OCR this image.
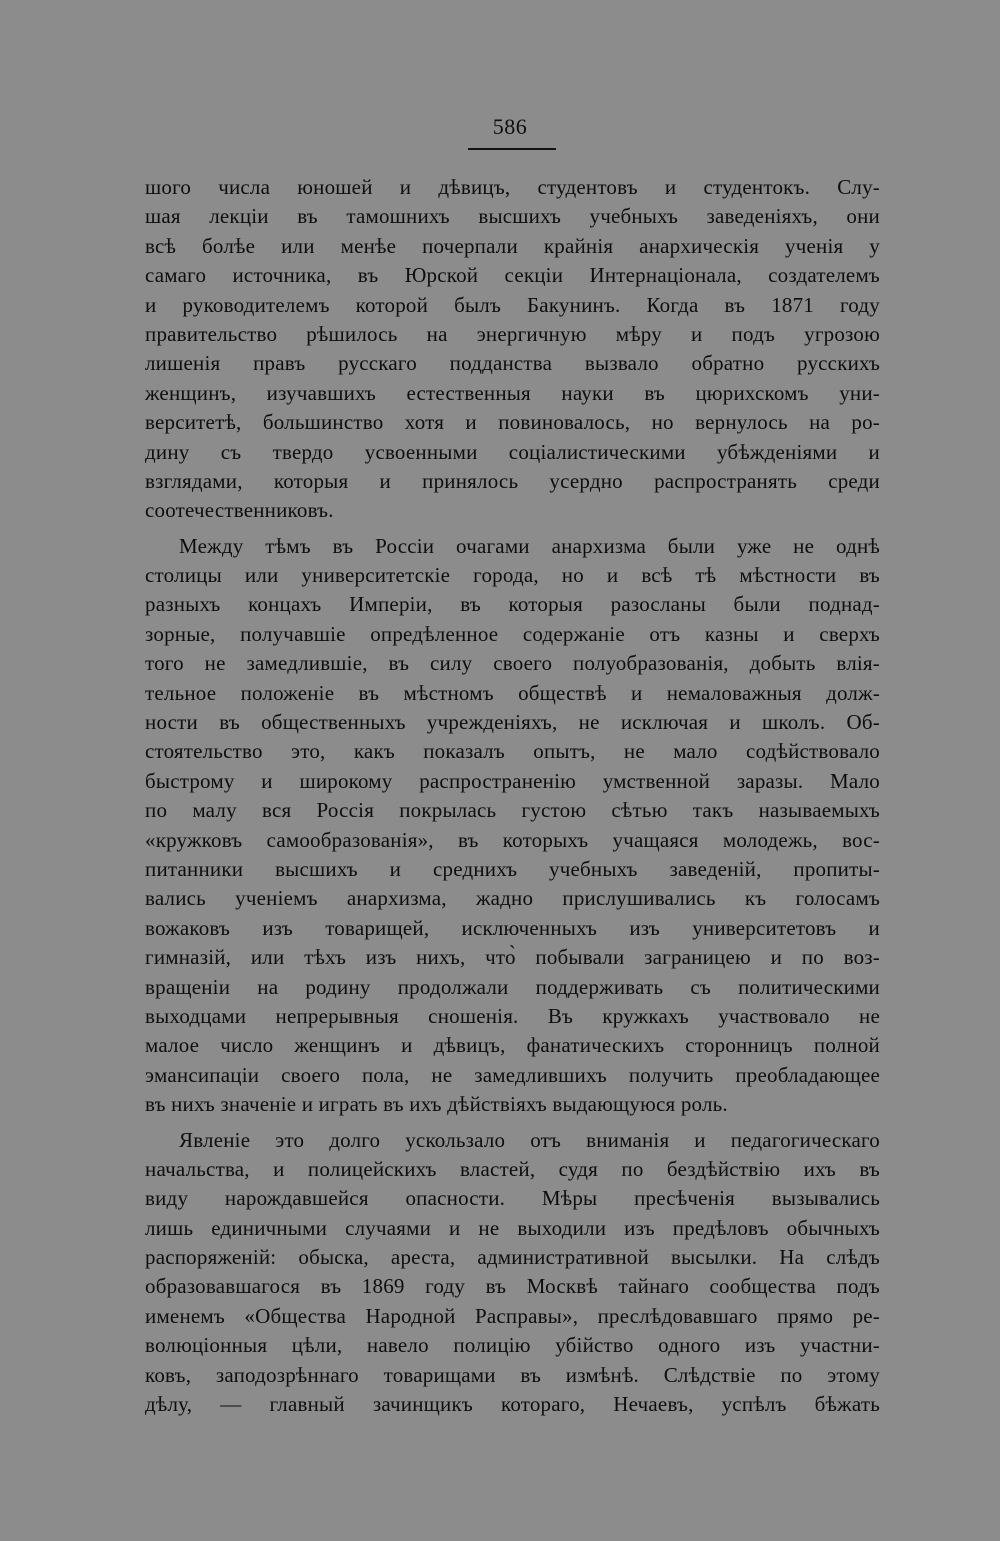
586
шого числа юношей и дѣвицъ, студентовъ и студентокъ. Слу-
шая лекціи въ тамошнихъ высшихъ учебныхъ заведеніяхъ, они
всѣ болѣе или менѣе почерпали крайнія анархическія ученія у
самаго источника, въ Юрской секціи Интернаціонала, создателемъ
и руководителемъ которой былъ Бакунинъ. Когда въ 1871 году
правительство рѣшилось на энергичную мѣру и подъ угрозою
лишенія правъ русскаго подданства вызвало обратно русскихъ
женщинъ, изучавшихъ естественныя науки въ цюрихскомъ уни-
верситетѣ, большинство хотя и повиновалось, но вернулось на ро-
дину съ твердо усвоенными соціалистическими убѣжденіями и
взглядами, которыя и принялось усердно распространять среди
соотечественниковъ.
Между тѣмъ въ Россіи очагами анархизма были уже не однѣ
столицы или университетскіе города, но и всѣ тѣ мѣстности въ
разныхъ концахъ Имперіи, въ которыя разосланы были поднад-
зорные, получавшіе опредѣленное содержаніе отъ казны и сверхъ
того не замедлившіе, въ силу своего полуобразованія, добыть влія-
тельное положеніе въ мѣстномъ обществѣ и немаловажныя долж-
ности въ общественныхъ учрежденіяхъ, не исключая и школъ. Об-
стоятельство это, какъ показалъ опытъ, не мало содѣйствовало
быстрому и широкому распространенію умственной заразы. Мало
по малу вся Россія покрылась густою сѣтью такъ называемыхъ
«кружковъ самообразованія», въ которыхъ учащаяся молодежь, вос-
питанники высшихъ и среднихъ учебныхъ заведеній, пропиты-
вались ученіемъ анархизма, жадно прислушивались къ голосамъ
вожаковъ изъ товарищей, исключенныхъ изъ университетовъ и
гимназій, или тѣхъ изъ нихъ, что̀ побывали заграницею и по воз-
вращеніи на родину продолжали поддерживать съ политическими
выходцами непрерывныя сношенія. Въ кружкахъ участвовало не
малое число женщинъ и дѣвицъ, фанатическихъ сторонницъ полной
эмансипаціи своего пола, не замедлившихъ получить преобладающее
въ нихъ значеніе и играть въ ихъ дѣйствіяхъ выдающуюся роль.
Явленіе это долго ускользало отъ вниманія и педагогическаго
начальства, и полицейскихъ властей, судя по бездѣйствію ихъ въ
виду нарождавшейся опасности. Мѣры пресѣченія вызывались
лишь единичными случаями и не выходили изъ предѣловъ обычныхъ
распоряженій: обыска, ареста, административной высылки. На слѣдъ
образовавшагося въ 1869 году въ Москвѣ тайнаго сообщества подъ
именемъ «Общества Народной Расправы», преслѣдовавшаго прямо ре-
волюціонныя цѣли, навело полицію убійство одного изъ участни-
ковъ, заподозрѣннаго товарищами въ измѣнѣ. Слѣдствіе по этому
дѣлу, — главный зачинщикъ котораго, Нечаевъ, успѣлъ бѣжать
